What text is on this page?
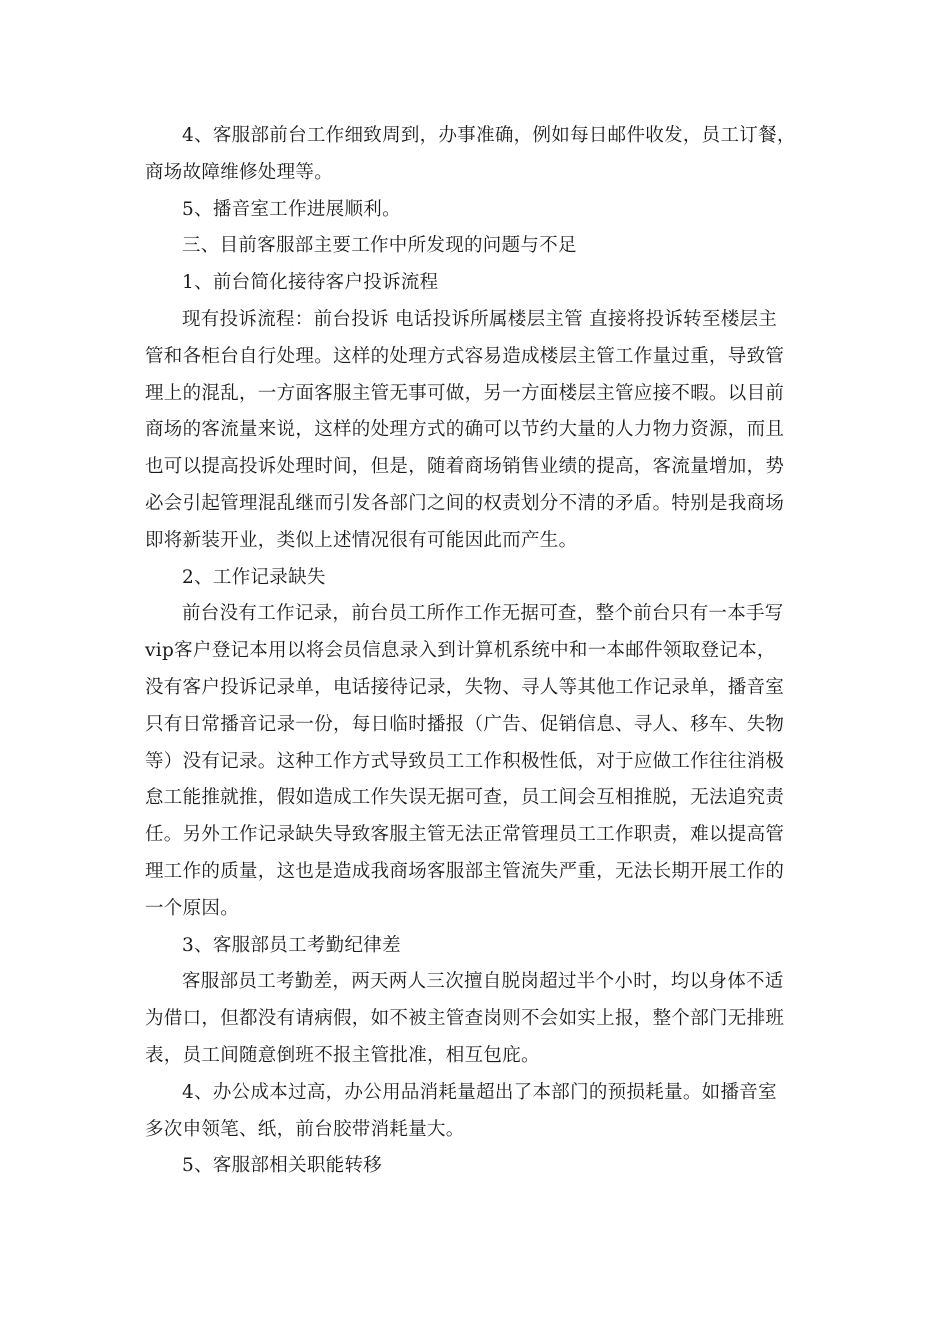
4、客服部前台工作细致周到，办事准确，例如每日邮件收发，员工订餐，
商场故障维修处理等。

5、播音室工作进展顺利。

三、目前客服部主要工作中所发现的问题与不足

1、前台简化接待客户投诉流程

现有投诉流程：前台投诉 电话投诉所属楼层主管 直接将投诉转至楼层主
管和各柜台自行处理。这样的处理方式容易造成楼层主管工作量过重，导致管
理上的混乱，一方面客服主管无事可做，另一方面楼层主管应接不暇。以目前
商场的客流量来说，这样的处理方式的确可以节约大量的人力物力资源，而且
也可以提高投诉处理时间，但是，随着商场销售业绩的提高，客流量增加，势
必会引起管理混乱继而引发各部门之间的权责划分不清的矛盾。特别是我商场
即将新装开业，类似上述情况很有可能因此而产生。

2、工作记录缺失

前台没有工作记录，前台员工所作工作无据可查，整个前台只有一本手写
vip客户登记本用以将会员信息录入到计算机系统中和一本邮件领取登记本，
没有客户投诉记录单，电话接待记录，失物、寻人等其他工作记录单，播音室
只有日常播音记录一份，每日临时播报（广告、促销信息、寻人、移车、失物
等）没有记录。这种工作方式导致员工工作积极性低，对于应做工作往往消极
怠工能推就推，假如造成工作失误无据可查，员工间会互相推脱，无法追究责
任。另外工作记录缺失导致客服主管无法正常管理员工工作职责，难以提高管
理工作的质量，这也是造成我商场客服部主管流失严重，无法长期开展工作的
一个原因。

3、客服部员工考勤纪律差

客服部员工考勤差，两天两人三次擅自脱岗超过半个小时，均以身体不适
为借口，但都没有请病假，如不被主管查岗则不会如实上报，整个部门无排班
表，员工间随意倒班不报主管批准，相互包庇。

4、办公成本过高，办公用品消耗量超出了本部门的预损耗量。如播音室
多次申领笔、纸，前台胶带消耗量大。

5、客服部相关职能转移
